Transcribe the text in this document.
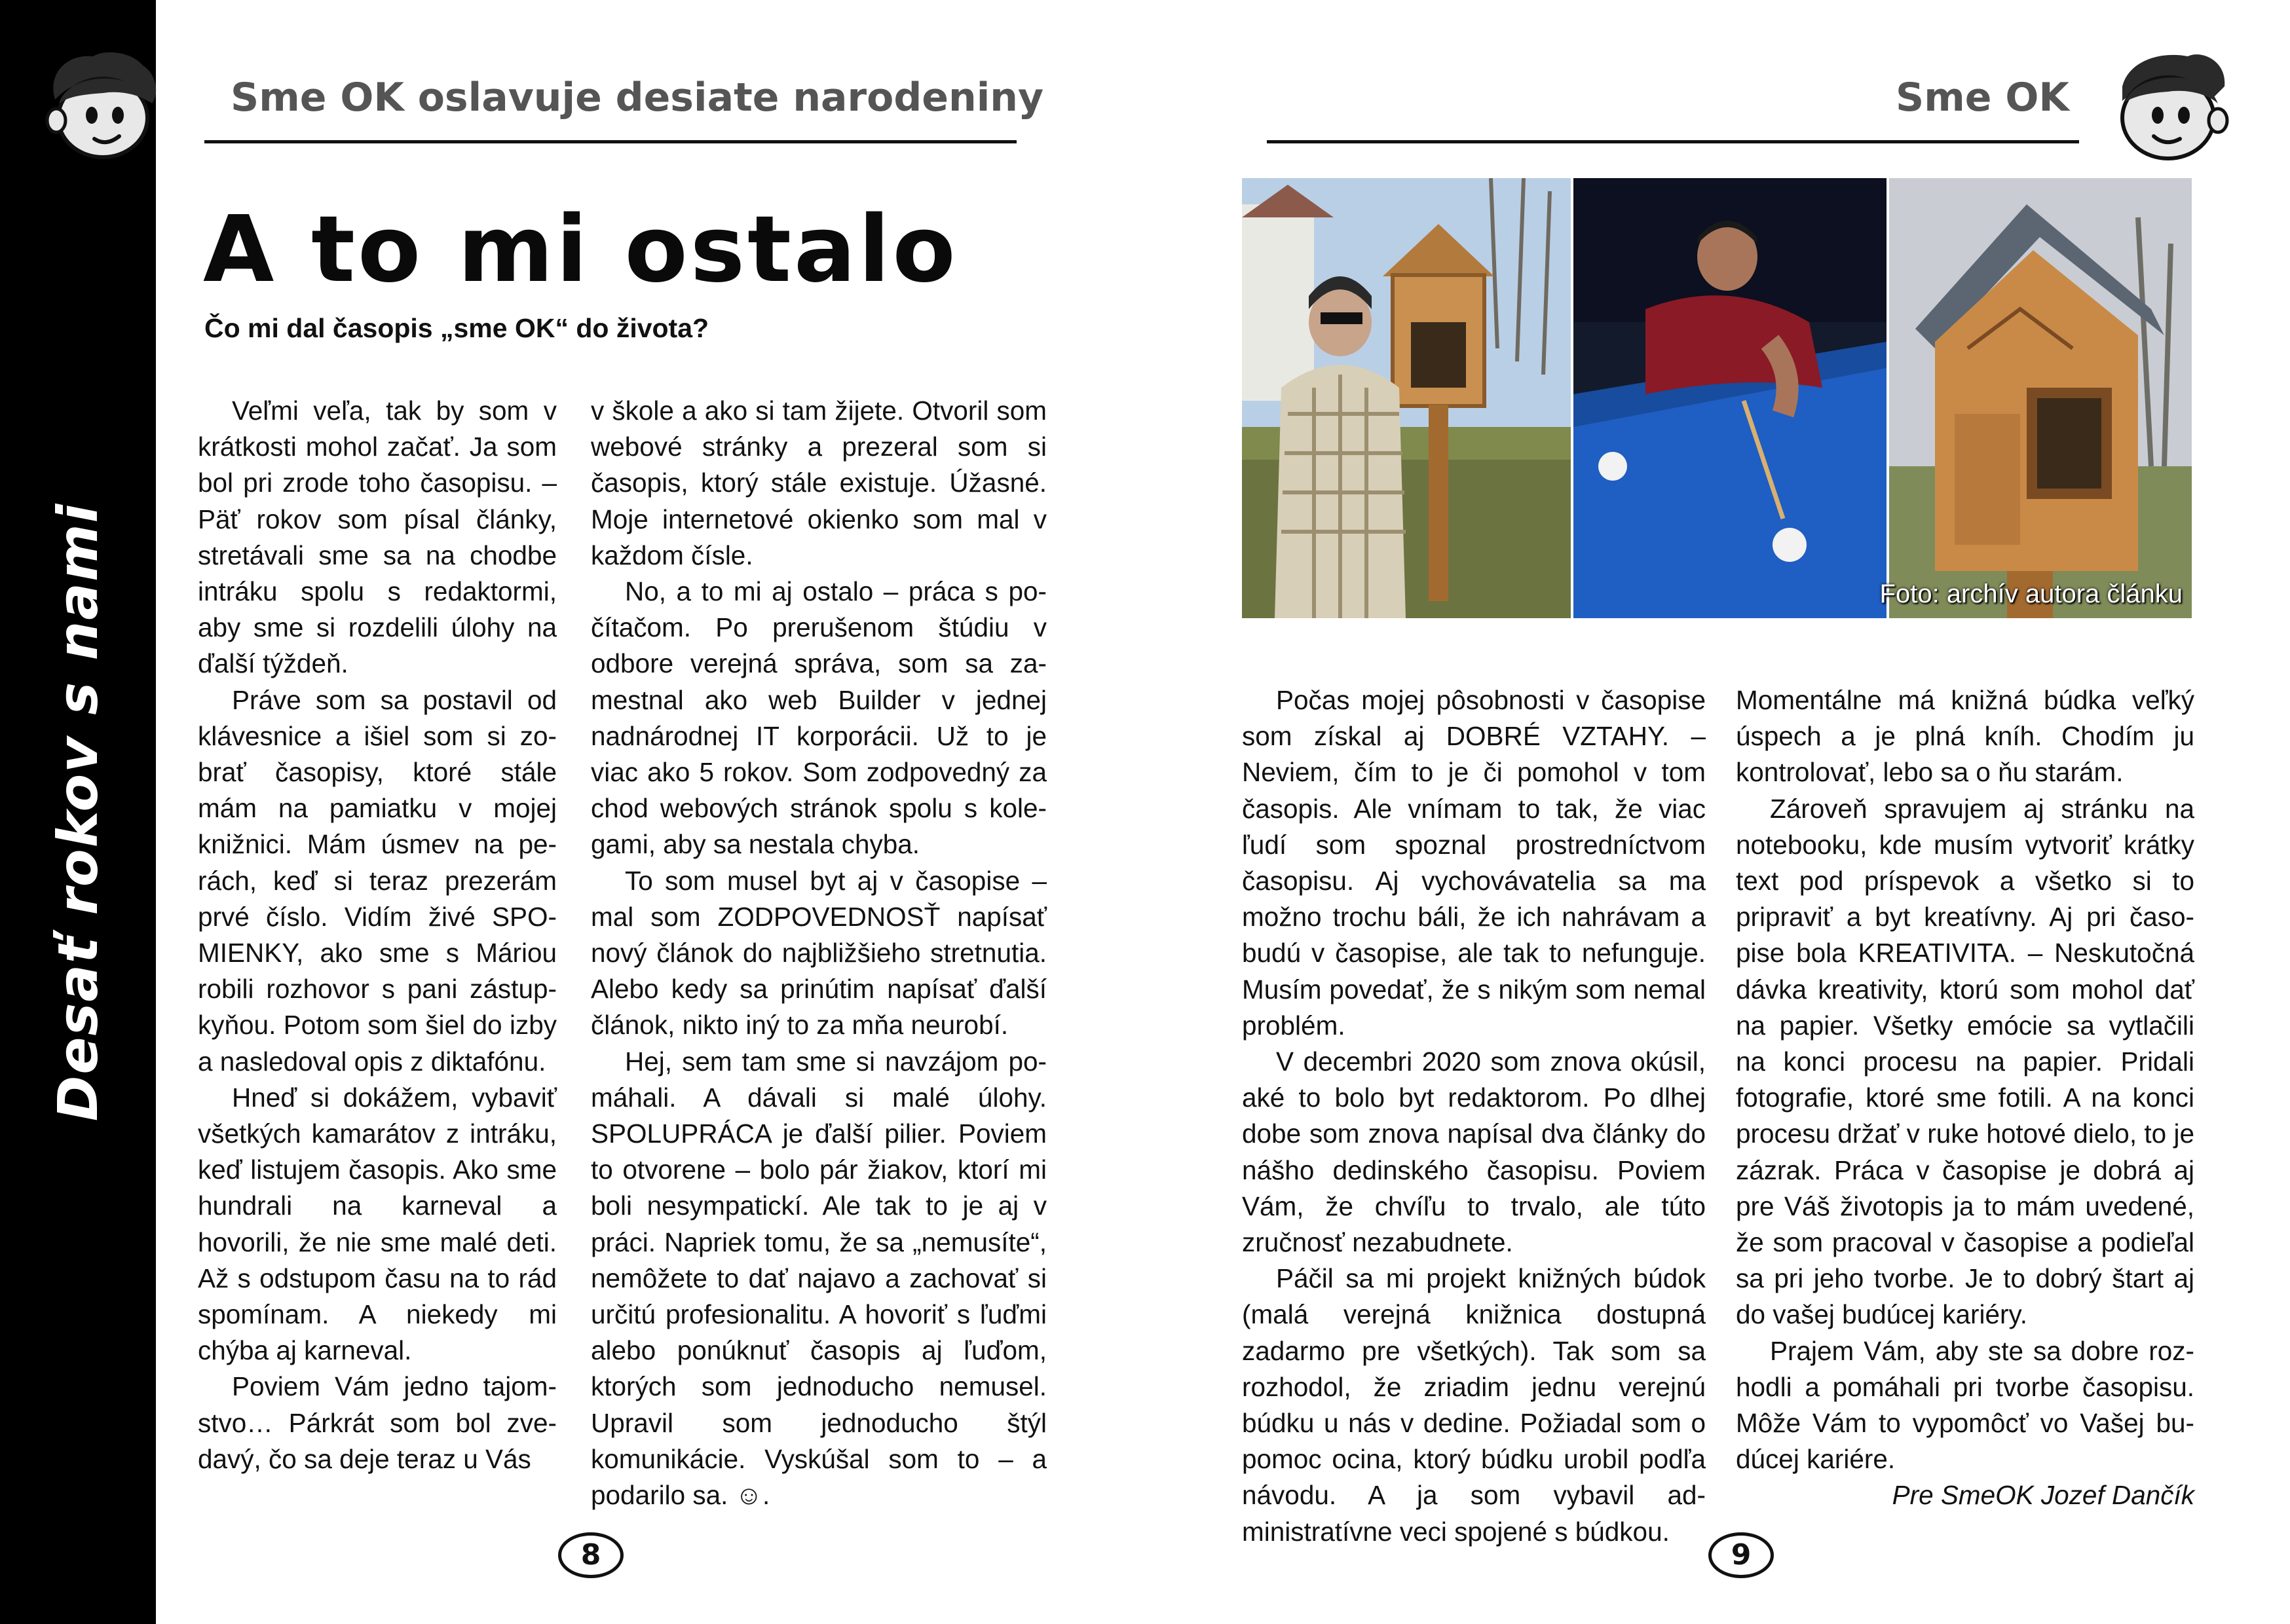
Desať rokov s nami
Sme OK oslavuje desiate narodeniny	Sme OK
A to mi ostalo
Čo mi dal časopis „sme OK“ do života?

Veľmi veľa, tak by som v krátkosti mohol začať. Ja som bol pri zrode toho časopisu. – Päť rokov som písal články, stretávali sme sa na chodbe intráku spolu s redaktormi, aby sme si rozdelili úlohy na ďalší týždeň.

Práve som sa postavil od klávesnice a išiel som si zobrať časopisy, ktoré stále mám na pamiatku v mojej knižnici. Mám úsmev na perách, keď si teraz prezerám prvé číslo. Vidím živé SPOMIENKY, ako sme s Máriou robili rozhovor s pani zástupkyňou. Potom som šiel do izby a nasledoval opis z diktafónu.

Hneď si dokážem, vybaviť všetkých kamarátov z intráku, keď listujem časopis. Ako sme hundrali na karneval a hovorili, že nie sme malé deti. Až s odstupom času na to rád spomínam. A niekedy mi chýba aj karneval.

Poviem Vám jedno tajomstvo… Párkrát som bol zvedavý, čo sa deje teraz u Vás

v škole a ako si tam žijete. Otvoril som webové stránky a prezeral som si časopis, ktorý stále existuje. Úžasné. Moje internetové okienko som mal v každom čísle.

No, a to mi aj ostalo – práca s počítačom. Po prerušenom štúdiu v odbore verejná správa, som sa zamestnal ako web Builder v jednej nadnárodnej IT korporácii. Už to je viac ako 5 rokov. Som zodpovedný za chod webových stránok spolu s kolegami, aby sa nestala chyba.

To som musel byt aj v časopise – mal som ZODPOVEDNOSŤ napísať nový článok do najbližšieho stretnutia. Alebo kedy sa prinútim napísať ďalší článok, nikto iný to za mňa neurobí.

Hej, sem tam sme si navzájom pomáhali. A dávali si malé úlohy. SPOLUPRÁCA je ďalší pilier. Poviem to otvorene – bolo pár žiakov, ktorí mi boli nesympatickí. Ale tak to je aj v práci. Napriek tomu, že sa „nemusíte“, nemôžete to dať najavo a zachovať si určitú profesionalitu. A hovoriť s ľuďmi alebo ponúknuť časopis aj ľuďom, ktorých som jednoducho nemusel. Upravil som jednoducho štýl komunikácie. Vyskúšal som to – a podarilo sa. ☺.

Foto: archív autora článku

Počas mojej pôsobnosti v časopise som získal aj DOBRÉ VZTAHY. – Neviem, čím to je či pomohol v tom časopis. Ale vnímam to tak, že viac ľudí som spoznal prostredníctvom časopisu. Aj vychovávatelia sa ma možno trochu báli, že ich nahrávam a budú v časopise, ale tak to nefunguje. Musím povedať, že s nikým som nemal problém.

V decembri 2020 som znova okúsil, aké to bolo byt redaktorom. Po dlhej dobe som znova napísal dva články do nášho dedinského časopisu. Poviem Vám, že chvíľu to trvalo, ale túto zručnosť nezabudnete.

Páčil sa mi projekt knižných búdok (malá verejná knižnica dostupná zadarmo pre všetkých). Tak som sa rozhodol, že zriadim jednu verejnú búdku u nás v dedine. Požiadal som o pomoc ocina, ktorý búdku urobil podľa návodu. A ja som vybavil administratívne veci spojené s búdkou.

Momentálne má knižná búdka veľký úspech a je plná kníh. Chodím ju kontrolovať, lebo sa o ňu starám.

Zároveň spravujem aj stránku na notebooku, kde musím vytvoriť krátky text pod príspevok a všetko si to pripraviť a byt kreatívny. Aj pri časopise bola KREATIVITA. – Neskutočná dávka kreativity, ktorú som mohol dať na papier. Všetky emócie sa vytlačili na konci procesu na papier. Pridali fotografie, ktoré sme fotili. A na konci procesu držať v ruke hotové dielo, to je zázrak. Práca v časopise je dobrá aj pre Váš životopis ja to mám uvedené, že som pracoval v časopise a podieľal sa pri jeho tvorbe. Je to dobrý štart aj do vašej budúcej kariéry.

Prajem Vám, aby ste sa dobre rozhodli a pomáhali pri tvorbe časopisu. Môže Vám to vypomôcť vo Vašej budúcej kariére.

Pre SmeOK Jozef Dančík

8	9
